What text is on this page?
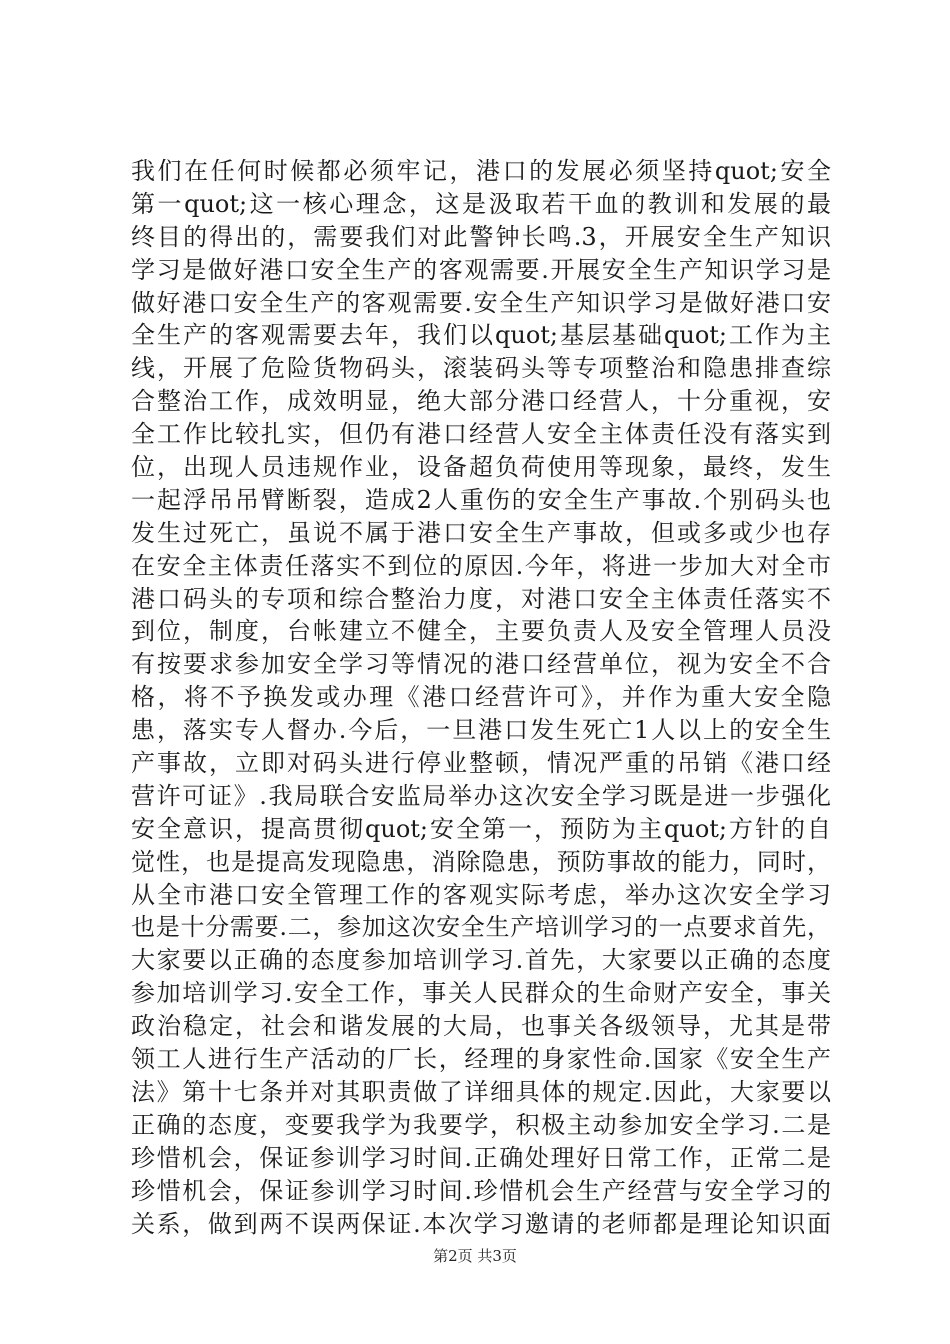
我们在任何时候都必须牢记，港口的发展必须坚持quot;安全
第一quot;这一核心理念，这是汲取若干血的教训和发展的最
终目的得出的，需要我们对此警钟长鸣.3，开展安全生产知识
学习是做好港口安全生产的客观需要.开展安全生产知识学习是
做好港口安全生产的客观需要.安全生产知识学习是做好港口安
全生产的客观需要去年，我们以quot;基层基础quot;工作为主
线，开展了危险货物码头，滚装码头等专项整治和隐患排查综
合整治工作，成效明显，绝大部分港口经营人，十分重视，安
全工作比较扎实，但仍有港口经营人安全主体责任没有落实到
位，出现人员违规作业，设备超负荷使用等现象，最终，发生
一起浮吊吊臂断裂，造成2人重伤的安全生产事故.个别码头也
发生过死亡，虽说不属于港口安全生产事故，但或多或少也存
在安全主体责任落实不到位的原因.今年，将进一步加大对全市
港口码头的专项和综合整治力度，对港口安全主体责任落实不
到位，制度，台帐建立不健全，主要负责人及安全管理人员没
有按要求参加安全学习等情况的港口经营单位，视为安全不合
格，将不予换发或办理《港口经营许可》，并作为重大安全隐
患，落实专人督办.今后，一旦港口发生死亡1人以上的安全生
产事故，立即对码头进行停业整顿，情况严重的吊销《港口经
营许可证》.我局联合安监局举办这次安全学习既是进一步强化
安全意识，提高贯彻quot;安全第一，预防为主quot;方针的自
觉性，也是提高发现隐患，消除隐患，预防事故的能力，同时，
从全市港口安全管理工作的客观实际考虑，举办这次安全学习
也是十分需要.二，参加这次安全生产培训学习的一点要求首先，
大家要以正确的态度参加培训学习.首先，大家要以正确的态度
参加培训学习.安全工作，事关人民群众的生命财产安全，事关
政治稳定，社会和谐发展的大局，也事关各级领导，尤其是带
领工人进行生产活动的厂长，经理的身家性命.国家《安全生产
法》第十七条并对其职责做了详细具体的规定.因此，大家要以
正确的态度，变要我学为我要学，积极主动参加安全学习.二是
珍惜机会，保证参训学习时间.正确处理好日常工作，正常二是
珍惜机会，保证参训学习时间.珍惜机会生产经营与安全学习的
关系，做到两不误两保证.本次学习邀请的老师都是理论知识面
第2页 共3页
